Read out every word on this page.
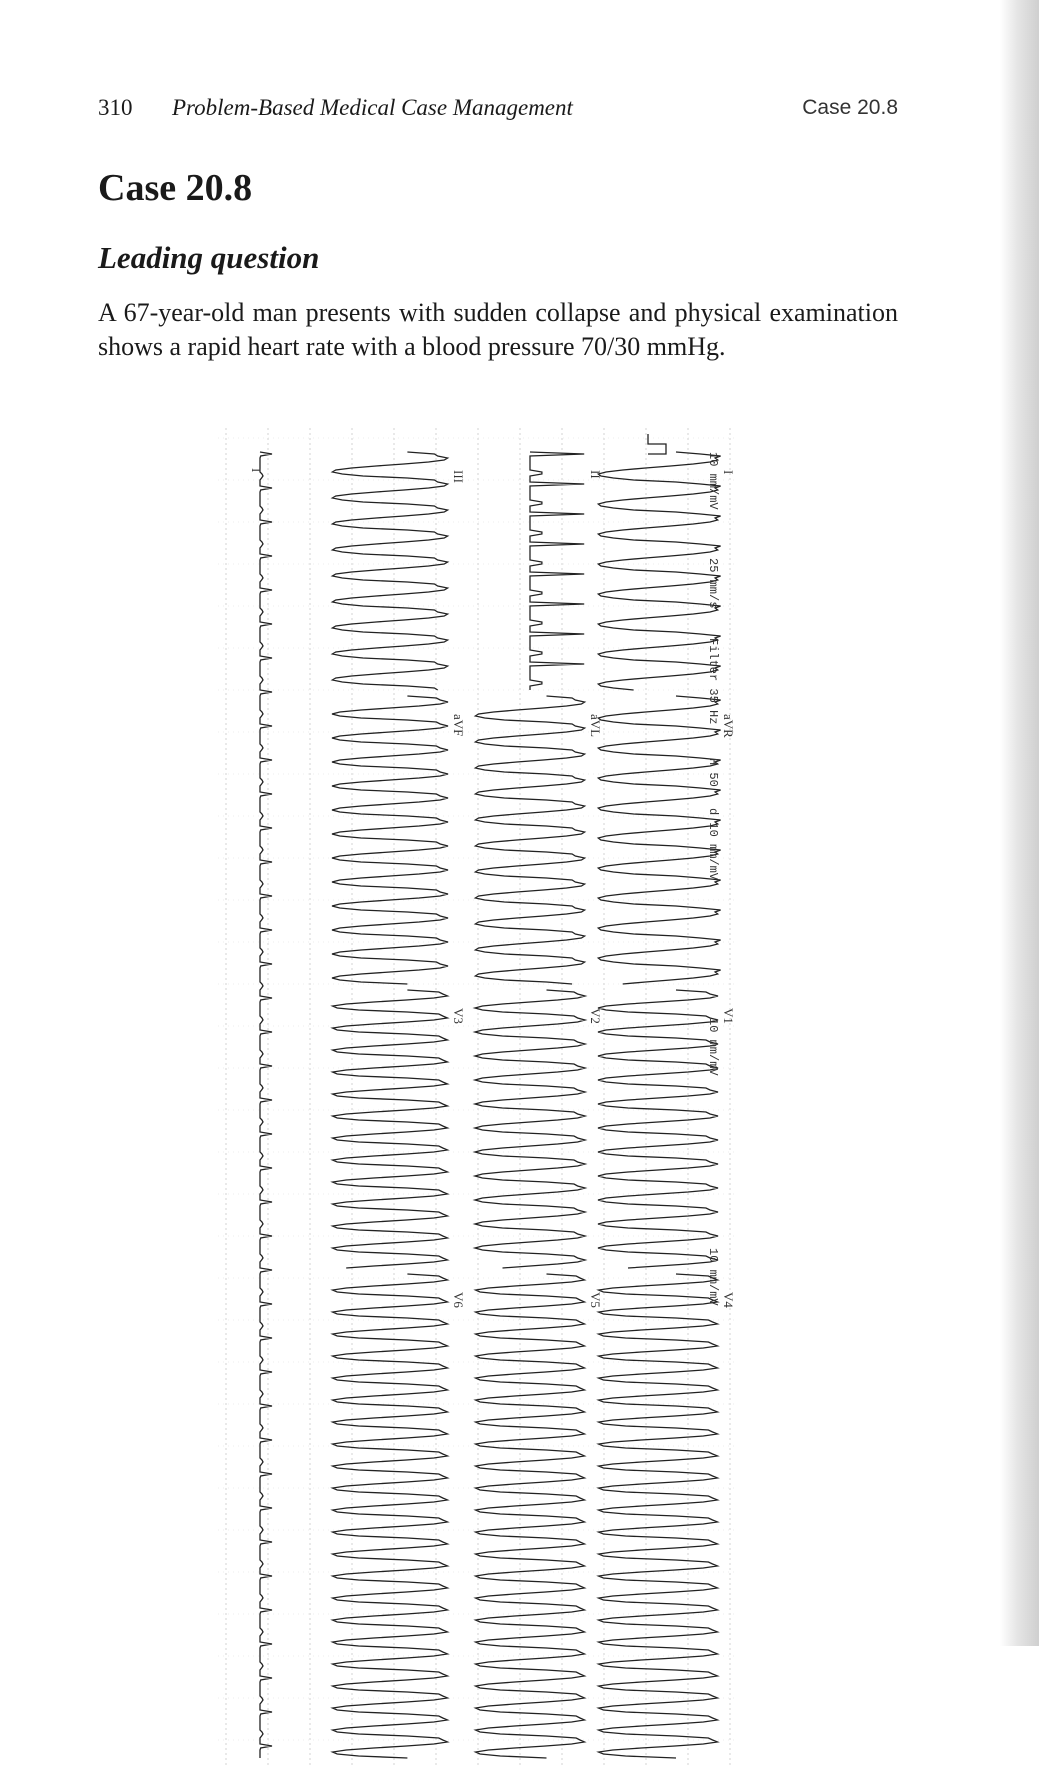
310 Problem-Based Medical Case Management	Case 20.8
Case 20.8
Leading question

A 67-year-old man presents with sudden collapse and physical examination shows a rapid heart rate with a blood pressure 70/30 mmHg.

I
aVR
V1
V4
II
aVL
V2
V5
III
aVF
V3
V6
I	10 mm/mV
25 mm/s
Filter 35 Hz
H 50
d 10 mm/mV
10 mm/mV
10 mm/mV
